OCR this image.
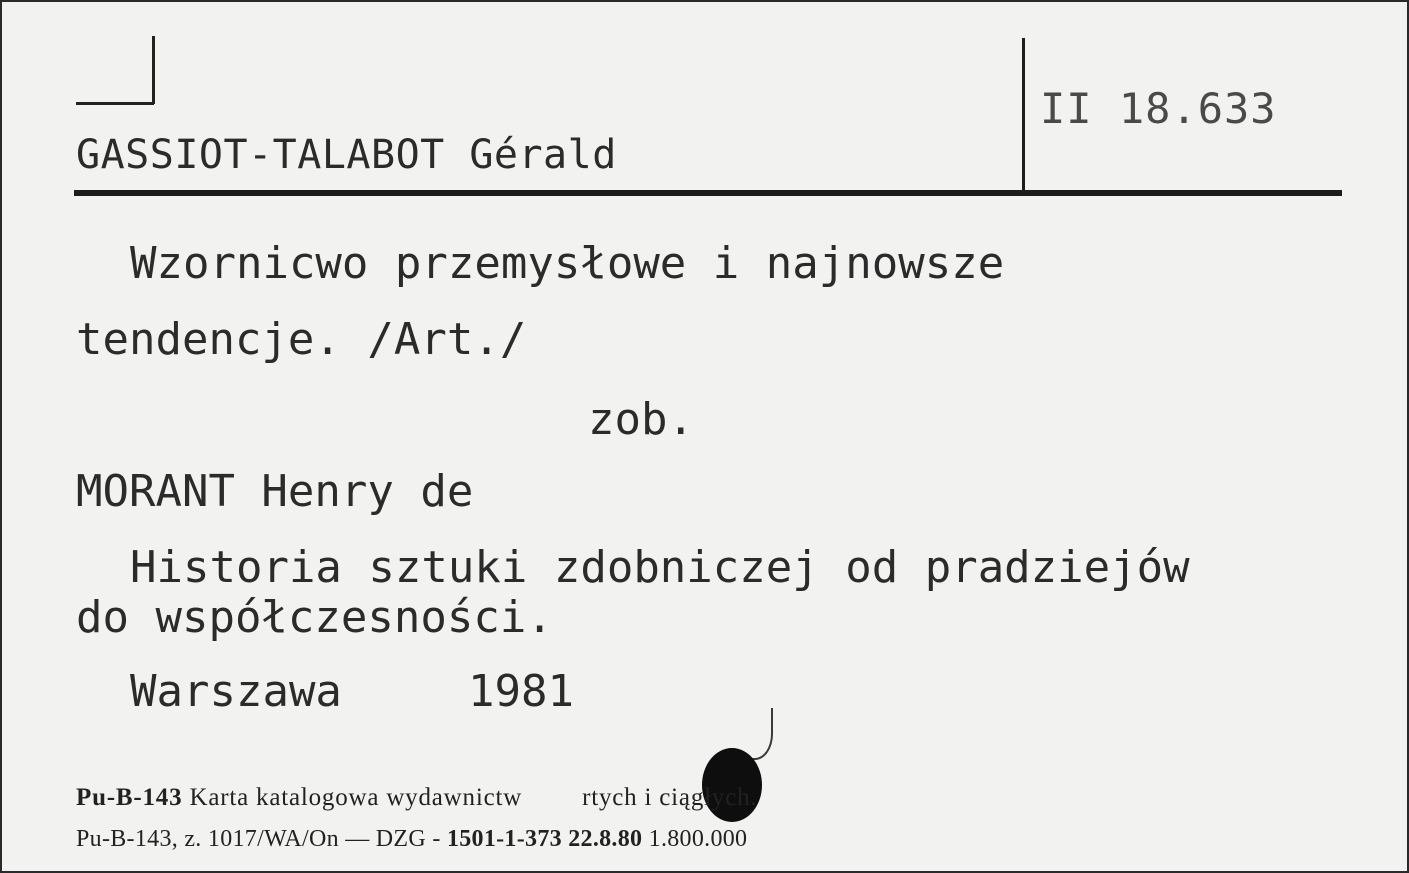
GASSIOT-TALABOT Gérald
II 18.633
Wzornicwo przemysłowe i najnowsze
tendencje. /Art./
zob.
MORANT Henry de
Historia sztuki zdobniczej od pradziejów
do współczesności.
Warszawa	1981
Pu-B-143 Karta katalogowa wydawnictw rtych i ciągłych.
Pu-B-143, z. 1017/WA/On — DZG - 1501-1-373 22.8.80 1.800.000
